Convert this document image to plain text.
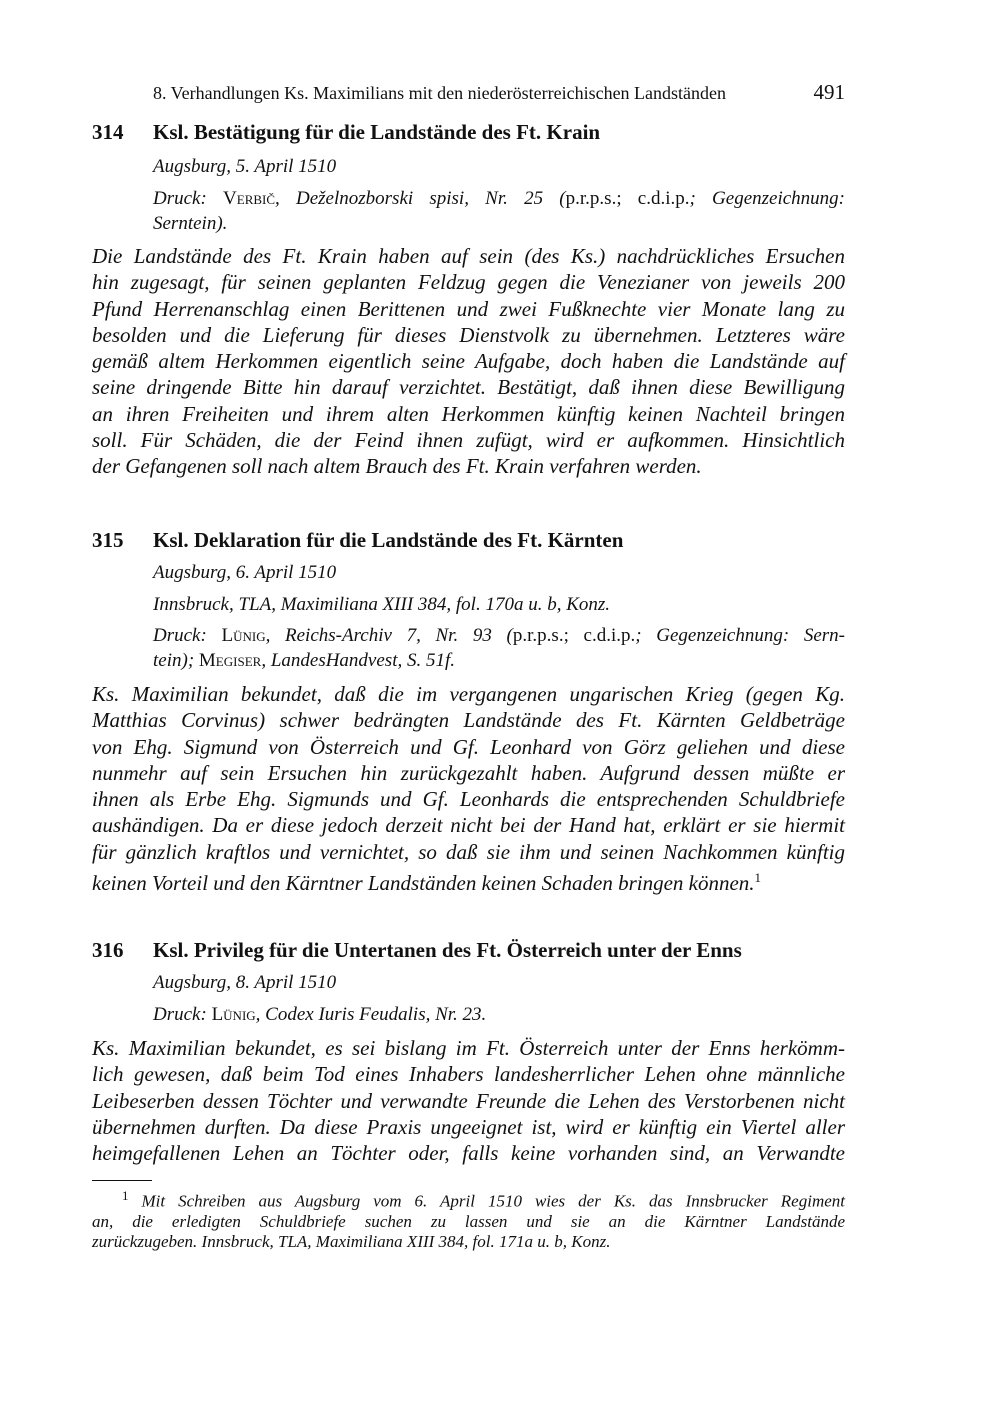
8. Verhandlungen Ks. Maximilians mit den niederösterreichischen Landständen	491
314 Ksl. Bestätigung für die Landstände des Ft. Krain
Augsburg, 5. April 1510
Druck: Verbič, Deželnozborski spisi, Nr. 25 (p.r.p.s.; c.d.i.p.; Gegenzeichnung:
Serntein).
Die Landstände des Ft. Krain haben auf sein (des Ks.) nachdrückliches Ersuchen
hin zugesagt, für seinen geplanten Feldzug gegen die Venezianer von jeweils 200
Pfund Herrenanschlag einen Berittenen und zwei Fußknechte vier Monate lang zu
besolden und die Lieferung für dieses Dienstvolk zu übernehmen. Letzteres wäre
gemäß altem Herkommen eigentlich seine Aufgabe, doch haben die Landstände auf
seine dringende Bitte hin darauf verzichtet. Bestätigt, daß ihnen diese Bewilligung
an ihren Freiheiten und ihrem alten Herkommen künftig keinen Nachteil bringen
soll. Für Schäden, die der Feind ihnen zufügt, wird er aufkommen. Hinsichtlich
der Gefangenen soll nach altem Brauch des Ft. Krain verfahren werden.
315 Ksl. Deklaration für die Landstände des Ft. Kärnten
Augsburg, 6. April 1510
Innsbruck, TLA, Maximiliana XIII 384, fol. 170a u. b, Konz.
Druck: Lünig, Reichs-Archiv 7, Nr. 93 (p.r.p.s.; c.d.i.p.; Gegenzeichnung: Sern-
tein); Megiser, LandesHandvest, S. 51f.
Ks. Maximilian bekundet, daß die im vergangenen ungarischen Krieg (gegen Kg.
Matthias Corvinus) schwer bedrängten Landstände des Ft. Kärnten Geldbeträge
von Ehg. Sigmund von Österreich und Gf. Leonhard von Görz geliehen und diese
nunmehr auf sein Ersuchen hin zurückgezahlt haben. Aufgrund dessen müßte er
ihnen als Erbe Ehg. Sigmunds und Gf. Leonhards die entsprechenden Schuldbriefe
aushändigen. Da er diese jedoch derzeit nicht bei der Hand hat, erklärt er sie hiermit
für gänzlich kraftlos und vernichtet, so daß sie ihm und seinen Nachkommen künftig
keinen Vorteil und den Kärntner Landständen keinen Schaden bringen können.$^1$
316 Ksl. Privileg für die Untertanen des Ft. Österreich unter der Enns
Augsburg, 8. April 1510
Druck: Lünig, Codex Iuris Feudalis, Nr. 23.
Ks. Maximilian bekundet, es sei bislang im Ft. Österreich unter der Enns herkömm-
lich gewesen, daß beim Tod eines Inhabers landesherrlicher Lehen ohne männliche
Leibeserben dessen Töchter und verwandte Freunde die Lehen des Verstorbenen nicht
übernehmen durften. Da diese Praxis ungeeignet ist, wird er künftig ein Viertel aller
heimgefallenen Lehen an Töchter oder, falls keine vorhanden sind, an Verwandte
$^1$ Mit Schreiben aus Augsburg vom 6. April 1510 wies der Ks. das Innsbrucker Regiment
an, die erledigten Schuldbriefe suchen zu lassen und sie an die Kärntner Landstände
zurückzugeben. Innsbruck, TLA, Maximiliana XIII 384, fol. 171a u. b, Konz.
